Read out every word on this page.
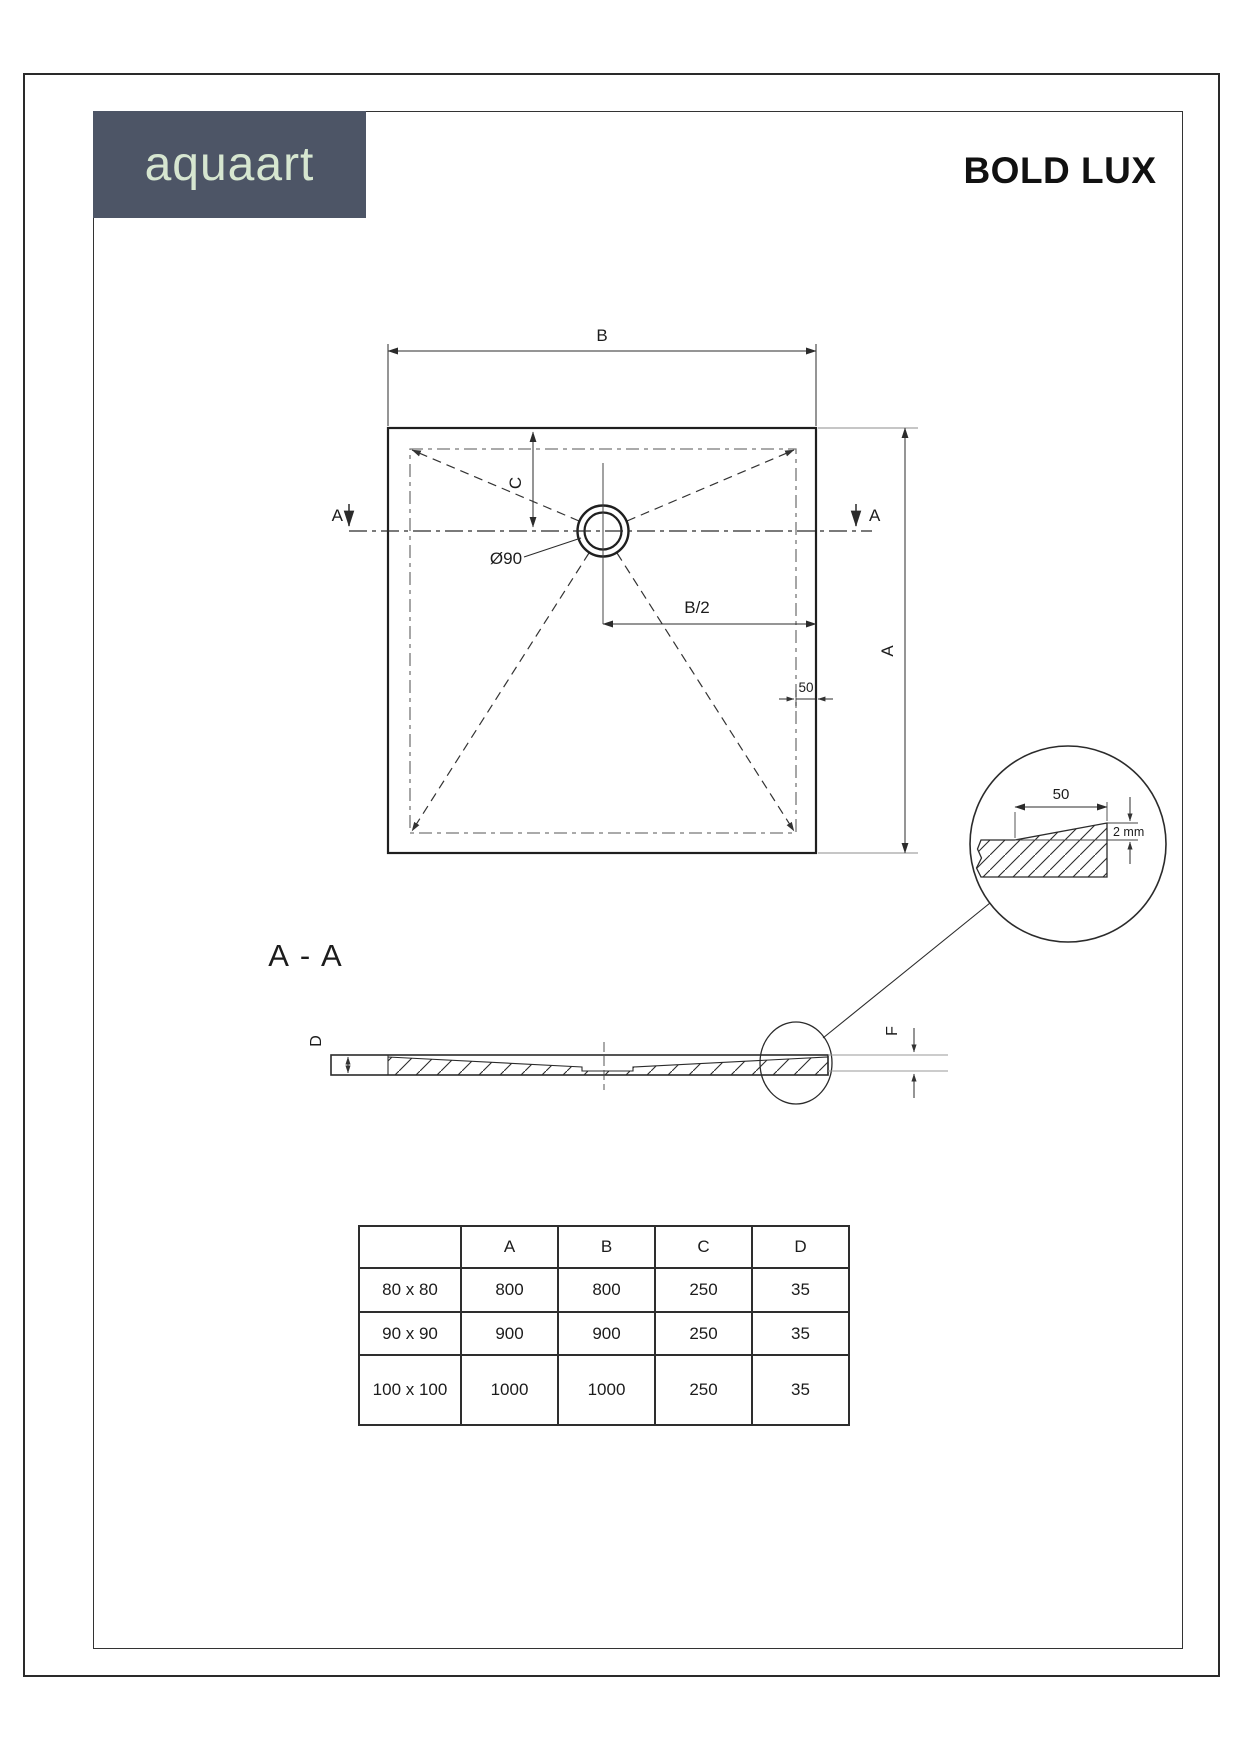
aquaart	BOLD LUX
B
A	A
C
Ø90
B/2
50
A
50
2 mm
A - A
D
F
	A	B	C	D
80 x 80	800	800	250	35
90 x 90	900	900	250	35
100 x 100	1000	1000	250	35
